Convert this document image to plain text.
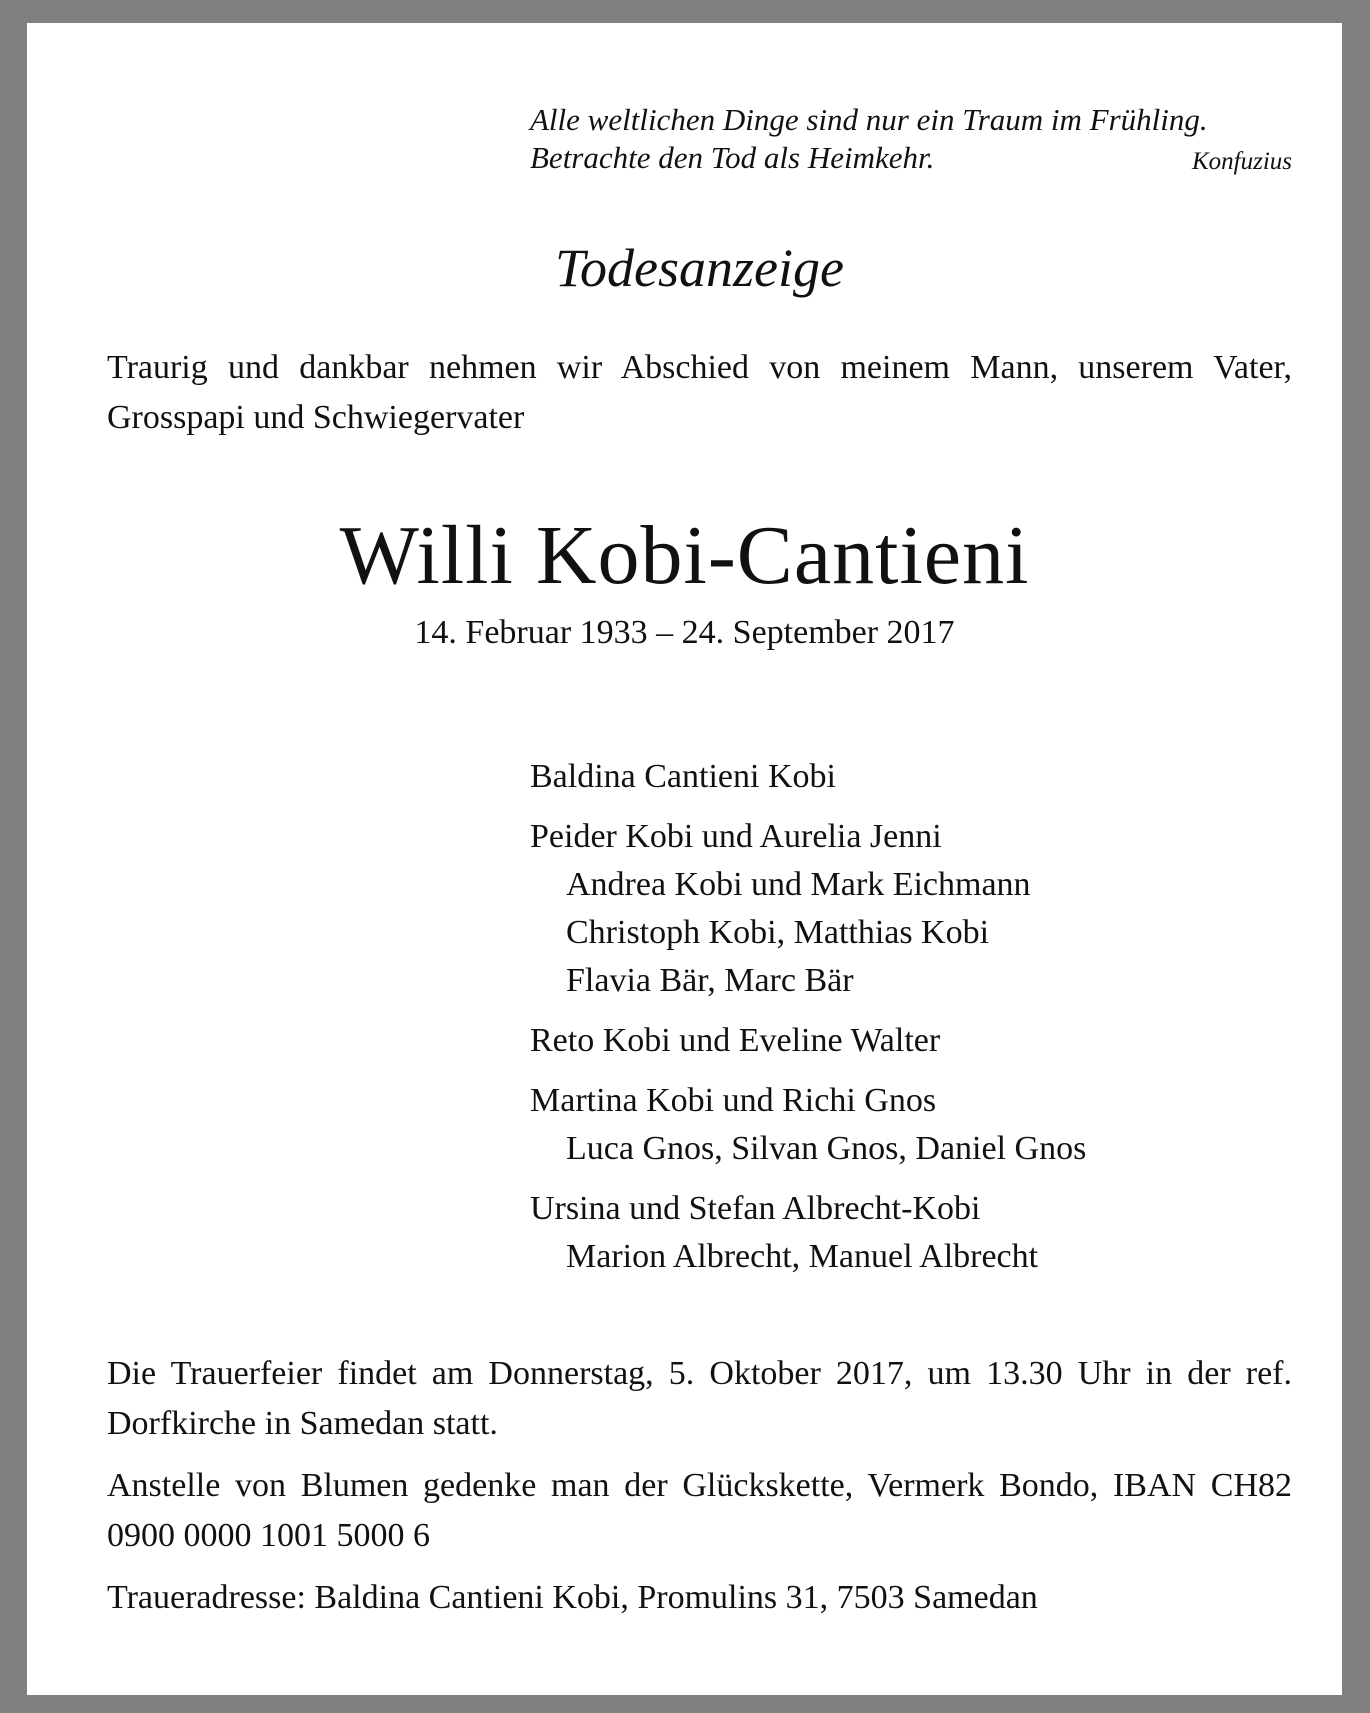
Alle weltlichen Dinge sind nur ein Traum im Frühling.
Betrachte den Tod als Heimkehr.	Konfuzius
Todesanzeige
Traurig und dankbar nehmen wir Abschied von meinem Mann, unserem Vater, Grosspapi und Schwiegervater
Willi Kobi-Cantieni
14. Februar 1933 – 24. September 2017
Baldina Cantieni Kobi
Peider Kobi und Aurelia Jenni
Andrea Kobi und Mark Eichmann
Christoph Kobi, Matthias Kobi
Flavia Bär, Marc Bär
Reto Kobi und Eveline Walter
Martina Kobi und Richi Gnos
Luca Gnos, Silvan Gnos, Daniel Gnos
Ursina und Stefan Albrecht-Kobi
Marion Albrecht, Manuel Albrecht

Die Trauerfeier findet am Donnerstag, 5. Oktober 2017, um 13.30 Uhr in der ref. Dorfkirche in Samedan statt.

Anstelle von Blumen gedenke man der Glückskette, Vermerk Bondo, IBAN CH82 0900 0000 1001 5000 6

Traueradresse: Baldina Cantieni Kobi, Promulins 31, 7503 Samedan
